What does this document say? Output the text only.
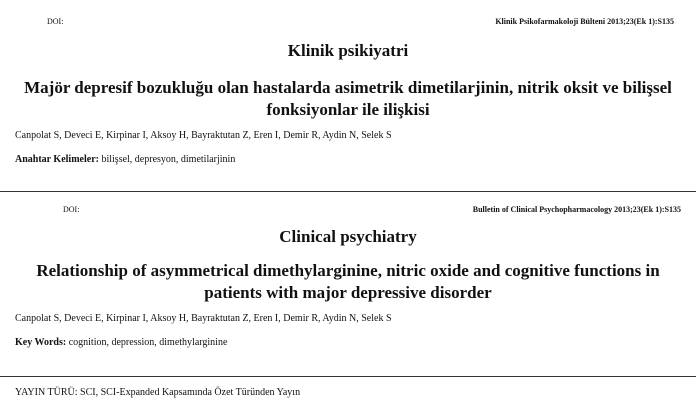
DOI:	Klinik Psikofarmakoloji Bülteni 2013;23(Ek 1):S135
Klinik psikiyatri
Majör depresif bozukluğu olan hastalarda asimetrik dimetilarjinin, nitrik oksit ve bilişsel
fonksiyonlar ile ilişkisi
Canpolat S, Deveci E, Kirpinar I, Aksoy H, Bayraktutan Z, Eren I, Demir R, Aydin N, Selek S
Anahtar Kelimeler: bilişsel, depresyon, dimetilarjinin
DOI:	Bulletin of Clinical Psychopharmacology 2013;23(Ek 1):S135
Clinical psychiatry
Relationship of asymmetrical dimethylarginine, nitric oxide and cognitive functions in
patients with major depressive disorder
Canpolat S, Deveci E, Kirpinar I, Aksoy H, Bayraktutan Z, Eren I, Demir R, Aydin N, Selek S
Key Words: cognition, depression, dimethylarginine
YAYIN TÜRÜ: SCI, SCI-Expanded Kapsamında Özet Türünden Yayın
